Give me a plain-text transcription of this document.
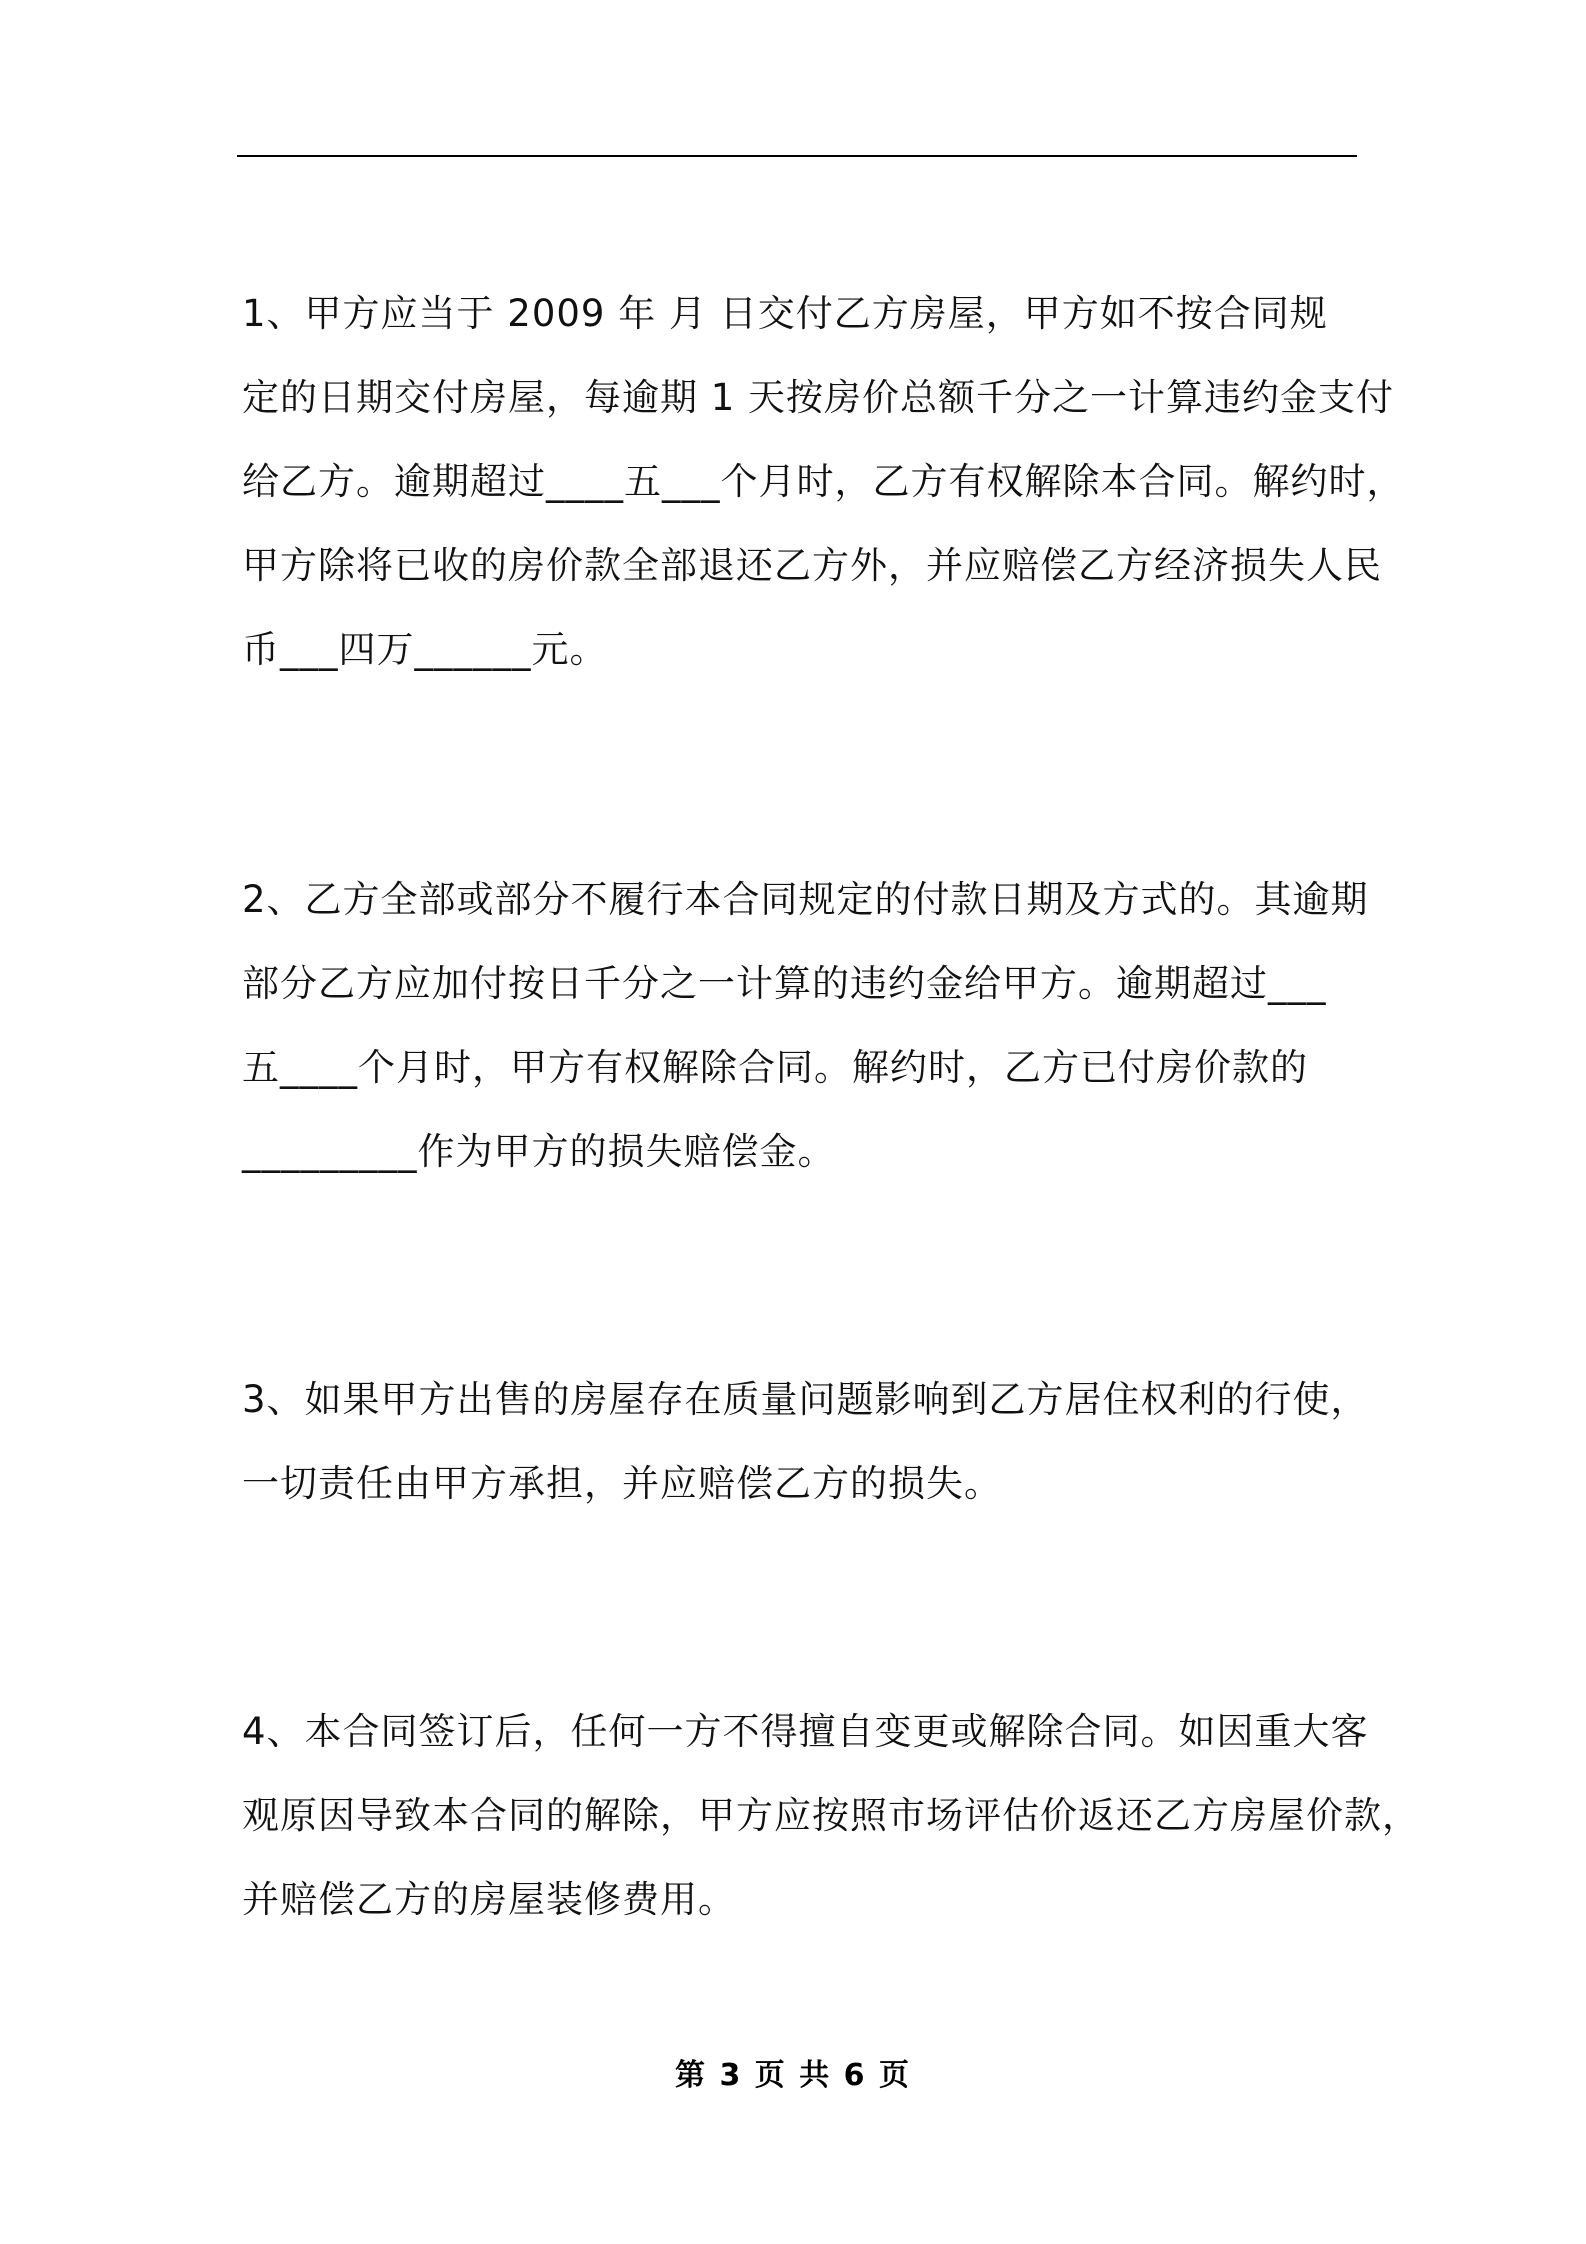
1、甲方应当于 2009 年 月 日交付乙方房屋，甲方如不按合同规
定的日期交付房屋，每逾期 1 天按房价总额千分之一计算违约金支付
给乙方。逾期超过____五___个月时，乙方有权解除本合同。解约时，
甲方除将已收的房价款全部退还乙方外，并应赔偿乙方经济损失人民
币___四万______元。
2、乙方全部或部分不履行本合同规定的付款日期及方式的。其逾期
部分乙方应加付按日千分之一计算的违约金给甲方。逾期超过___
五____个月时，甲方有权解除合同。解约时，乙方已付房价款的
_________作为甲方的损失赔偿金。
3、如果甲方出售的房屋存在质量问题影响到乙方居住权利的行使，
一切责任由甲方承担，并应赔偿乙方的损失。
4、本合同签订后，任何一方不得擅自变更或解除合同。如因重大客
观原因导致本合同的解除，甲方应按照市场评估价返还乙方房屋价款，
并赔偿乙方的房屋装修费用。
第 3 页 共 6 页
